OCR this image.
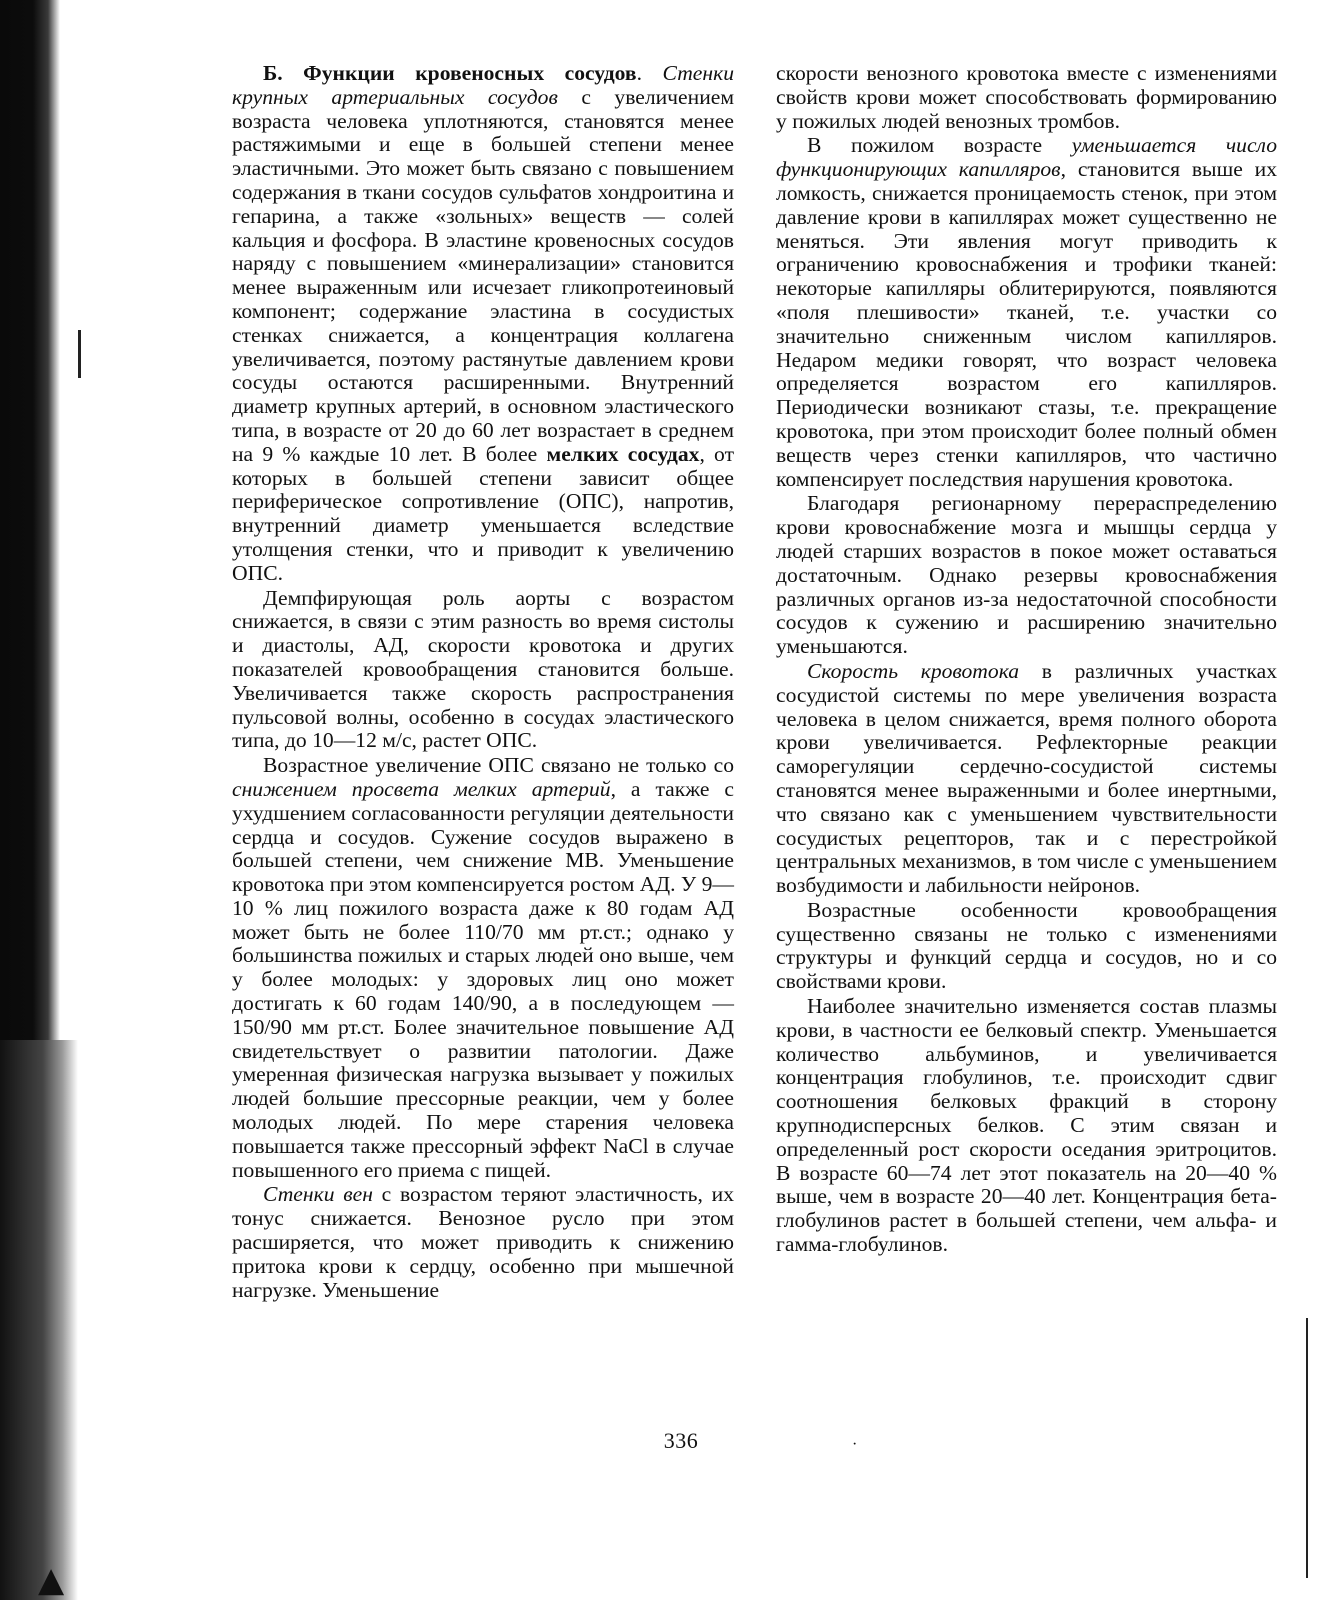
▲

Б. Функции кровеносных сосудов. Стенки крупных артериальных сосудов с увеличением возраста человека уплотняются, становятся менее растяжимыми и еще в большей степени менее эластичными. Это может быть связано с повышением содержания в ткани сосудов сульфатов хондроитина и гепарина, а также «зольных» веществ — солей кальция и фосфора. В эластине кровеносных сосудов наряду с повышением «минерализации» становится менее выраженным или исчезает гликопротеиновый компонент; содержание эластина в сосудистых стенках снижается, а концентрация коллагена увеличивается, поэтому растянутые давлением крови сосуды остаются расширенными. Внутренний диаметр крупных артерий, в основном эластического типа, в возрасте от 20 до 60 лет возрастает в среднем на 9 % каждые 10 лет. В более мелких сосудах, от которых в большей степени зависит общее периферическое сопротивление (ОПС), напротив, внутренний диаметр уменьшается вследствие утолщения стенки, что и приводит к увеличению ОПС.

Демпфирующая роль аорты с возрастом снижается, в связи с этим разность во время систолы и диастолы, АД, скорости кровотока и других показателей кровообращения становится больше. Увеличивается также скорость распространения пульсовой волны, особенно в сосудах эластического типа, до 10—12 м/с, растет ОПС.

Возрастное увеличение ОПС связано не только со снижением просвета мелких артерий, а также с ухудшением согласованности регуляции деятельности сердца и сосудов. Сужение сосудов выражено в большей степени, чем снижение МВ. Уменьшение кровотока при этом компенсируется ростом АД. У 9—10 % лиц пожилого возраста даже к 80 годам АД может быть не более 110/70 мм рт.ст.; однако у большинства пожилых и старых людей оно выше, чем у более молодых: у здоровых лиц оно может достигать к 60 годам 140/90, а в последующем — 150/90 мм рт.ст. Более значительное повышение АД свидетельствует о развитии патологии. Даже умеренная физическая нагрузка вызывает у пожилых людей большие прессорные реакции, чем у более молодых людей. По мере старения человека повышается также прессорный эффект NaCl в случае повышенного его приема с пищей.

Стенки вен с возрастом теряют эластичность, их тонус снижается. Венозное русло при этом расширяется, что может приводить к снижению притока крови к сердцу, особенно при мышечной нагрузке. Уменьшение

скорости венозного кровотока вместе с изменениями свойств крови может способствовать формированию у пожилых людей венозных тромбов.

В пожилом возрасте уменьшается число функционирующих капилляров, становится выше их ломкость, снижается проницаемость стенок, при этом давление крови в капиллярах может существенно не меняться. Эти явления могут приводить к ограничению кровоснабжения и трофики тканей: некоторые капилляры облитерируются, появляются «поля плешивости» тканей, т.е. участки со значительно сниженным числом капилляров. Недаром медики говорят, что возраст человека определяется возрастом его капилляров. Периодически возникают стазы, т.е. прекращение кровотока, при этом происходит более полный обмен веществ через стенки капилляров, что частично компенсирует последствия нарушения кровотока.

Благодаря регионарному перераспределению крови кровоснабжение мозга и мышцы сердца у людей старших возрастов в покое может оставаться достаточным. Однако резервы кровоснабжения различных органов из-за недостаточной способности сосудов к сужению и расширению значительно уменьшаются.

Скорость кровотока в различных участках сосудистой системы по мере увеличения возраста человека в целом снижается, время полного оборота крови увеличивается. Рефлекторные реакции саморегуляции сердечно-сосудистой системы становятся менее выраженными и более инертными, что связано как с уменьшением чувствительности сосудистых рецепторов, так и с перестройкой центральных механизмов, в том числе с уменьшением возбудимости и лабильности нейронов.

Возрастные особенности кровообращения существенно связаны не только с изменениями структуры и функций сердца и сосудов, но и со свойствами крови.

Наиболее значительно изменяется состав плазмы крови, в частности ее белковый спектр. Уменьшается количество альбуминов, и увеличивается концентрация глобулинов, т.е. происходит сдвиг соотношения белковых фракций в сторону крупнодисперсных белков. С этим связан и определенный рост скорости оседания эритроцитов. В возрасте 60—74 лет этот показатель на 20—40 % выше, чем в возрасте 20—40 лет. Концентрация бета-глобулинов растет в большей степени, чем альфа- и гамма-глобулинов.

336	·
